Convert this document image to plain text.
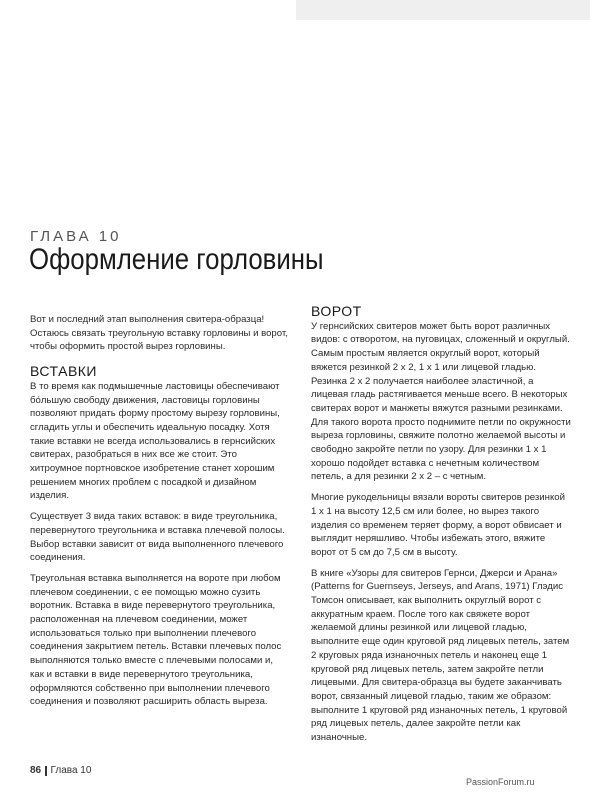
ГЛАВА 10
Оформление горловины

Вот и последний этап выполнения свитера-образца! Остаюсь связать треугольную вставку горловины и ворот, чтобы оформить простой вырез горловины.

ВСТАВКИ

В то время как подмышечные ластовицы обеспечивают бо́льшую свободу движения, ластовицы горловины позволяют придать форму простому вырезу горловины, сгладить углы и обеспечить идеальную посадку. Хотя такие вставки не всегда использовались в гернсийских свитерах, разобраться в них все же стоит. Это хитроумное портновское изобретение станет хорошим решением многих проблем с посадкой и дизайном изделия.

Существует 3 вида таких вставок: в виде треугольника, перевернутого треугольника и вставка плечевой полосы. Выбор вставки зависит от вида выполненного плечевого соединения.

Треугольная вставка выполняется на вороте при любом плечевом соединении, с ее помощью можно сузить воротник. Вставка в виде перевернутого треугольника, расположенная на плечевом соединении, может использоваться только при выполнении плечевого соединения закрытием петель. Вставки плечевых полос выполняются только вместе с плечевыми полосами и, как и вставки в виде перевернутого треугольника, оформляются собственно при выполнении плечевого соединения и позволяют расширить область выреза.

ВОРОТ

У гернсийских свитеров может быть ворот различных видов: с отворотом, на пуговицах, сложенный и округлый. Самым простым является округлый ворот, который вяжется резинкой 2 х 2, 1 х 1 или лицевой гладью. Резинка 2 х 2 получается наиболее эластичной, а лицевая гладь растягивается меньше всего. В некоторых свитерах ворот и манжеты вяжутся разными резинками. Для такого ворота просто поднимите петли по окружности выреза горловины, свяжите полотно желаемой высоты и свободно закройте петли по узору. Для резинки 1 х 1 хорошо подойдет вставка с нечетным количеством петель, а для резинки 2 х 2 – с четным.

Многие рукодельницы вязали вороты свитеров резинкой 1 х 1 на высоту 12,5 см или более, но вырез такого изделия со временем теряет форму, а ворот обвисает и выглядит неряшливо. Чтобы избежать этого, вяжите ворот от 5 см до 7,5 см в высоту.

В книге «Узоры для свитеров Гернси, Джерси и Арана» (Patterns for Guernseys, Jerseys, and Arans, 1971) Глэдис Томсон описывает, как выполнить округлый ворот с аккуратным краем. После того как свяжете ворот желаемой длины резинкой или лицевой гладью, выполните еще один круговой ряд лицевых петель, затем 2 круговых ряда изнаночных петель и наконец еще 1 круговой ряд лицевых петель, затем закройте петли лицевыми. Для свитера-образца вы будете заканчивать ворот, связанный лицевой гладью, таким же образом: выполните 1 круговой ряд изнаночных петель, 1 круговой ряд лицевых петель, далее закройте петли как изнаночные.

86 Глава 10
PassionForum.ru
